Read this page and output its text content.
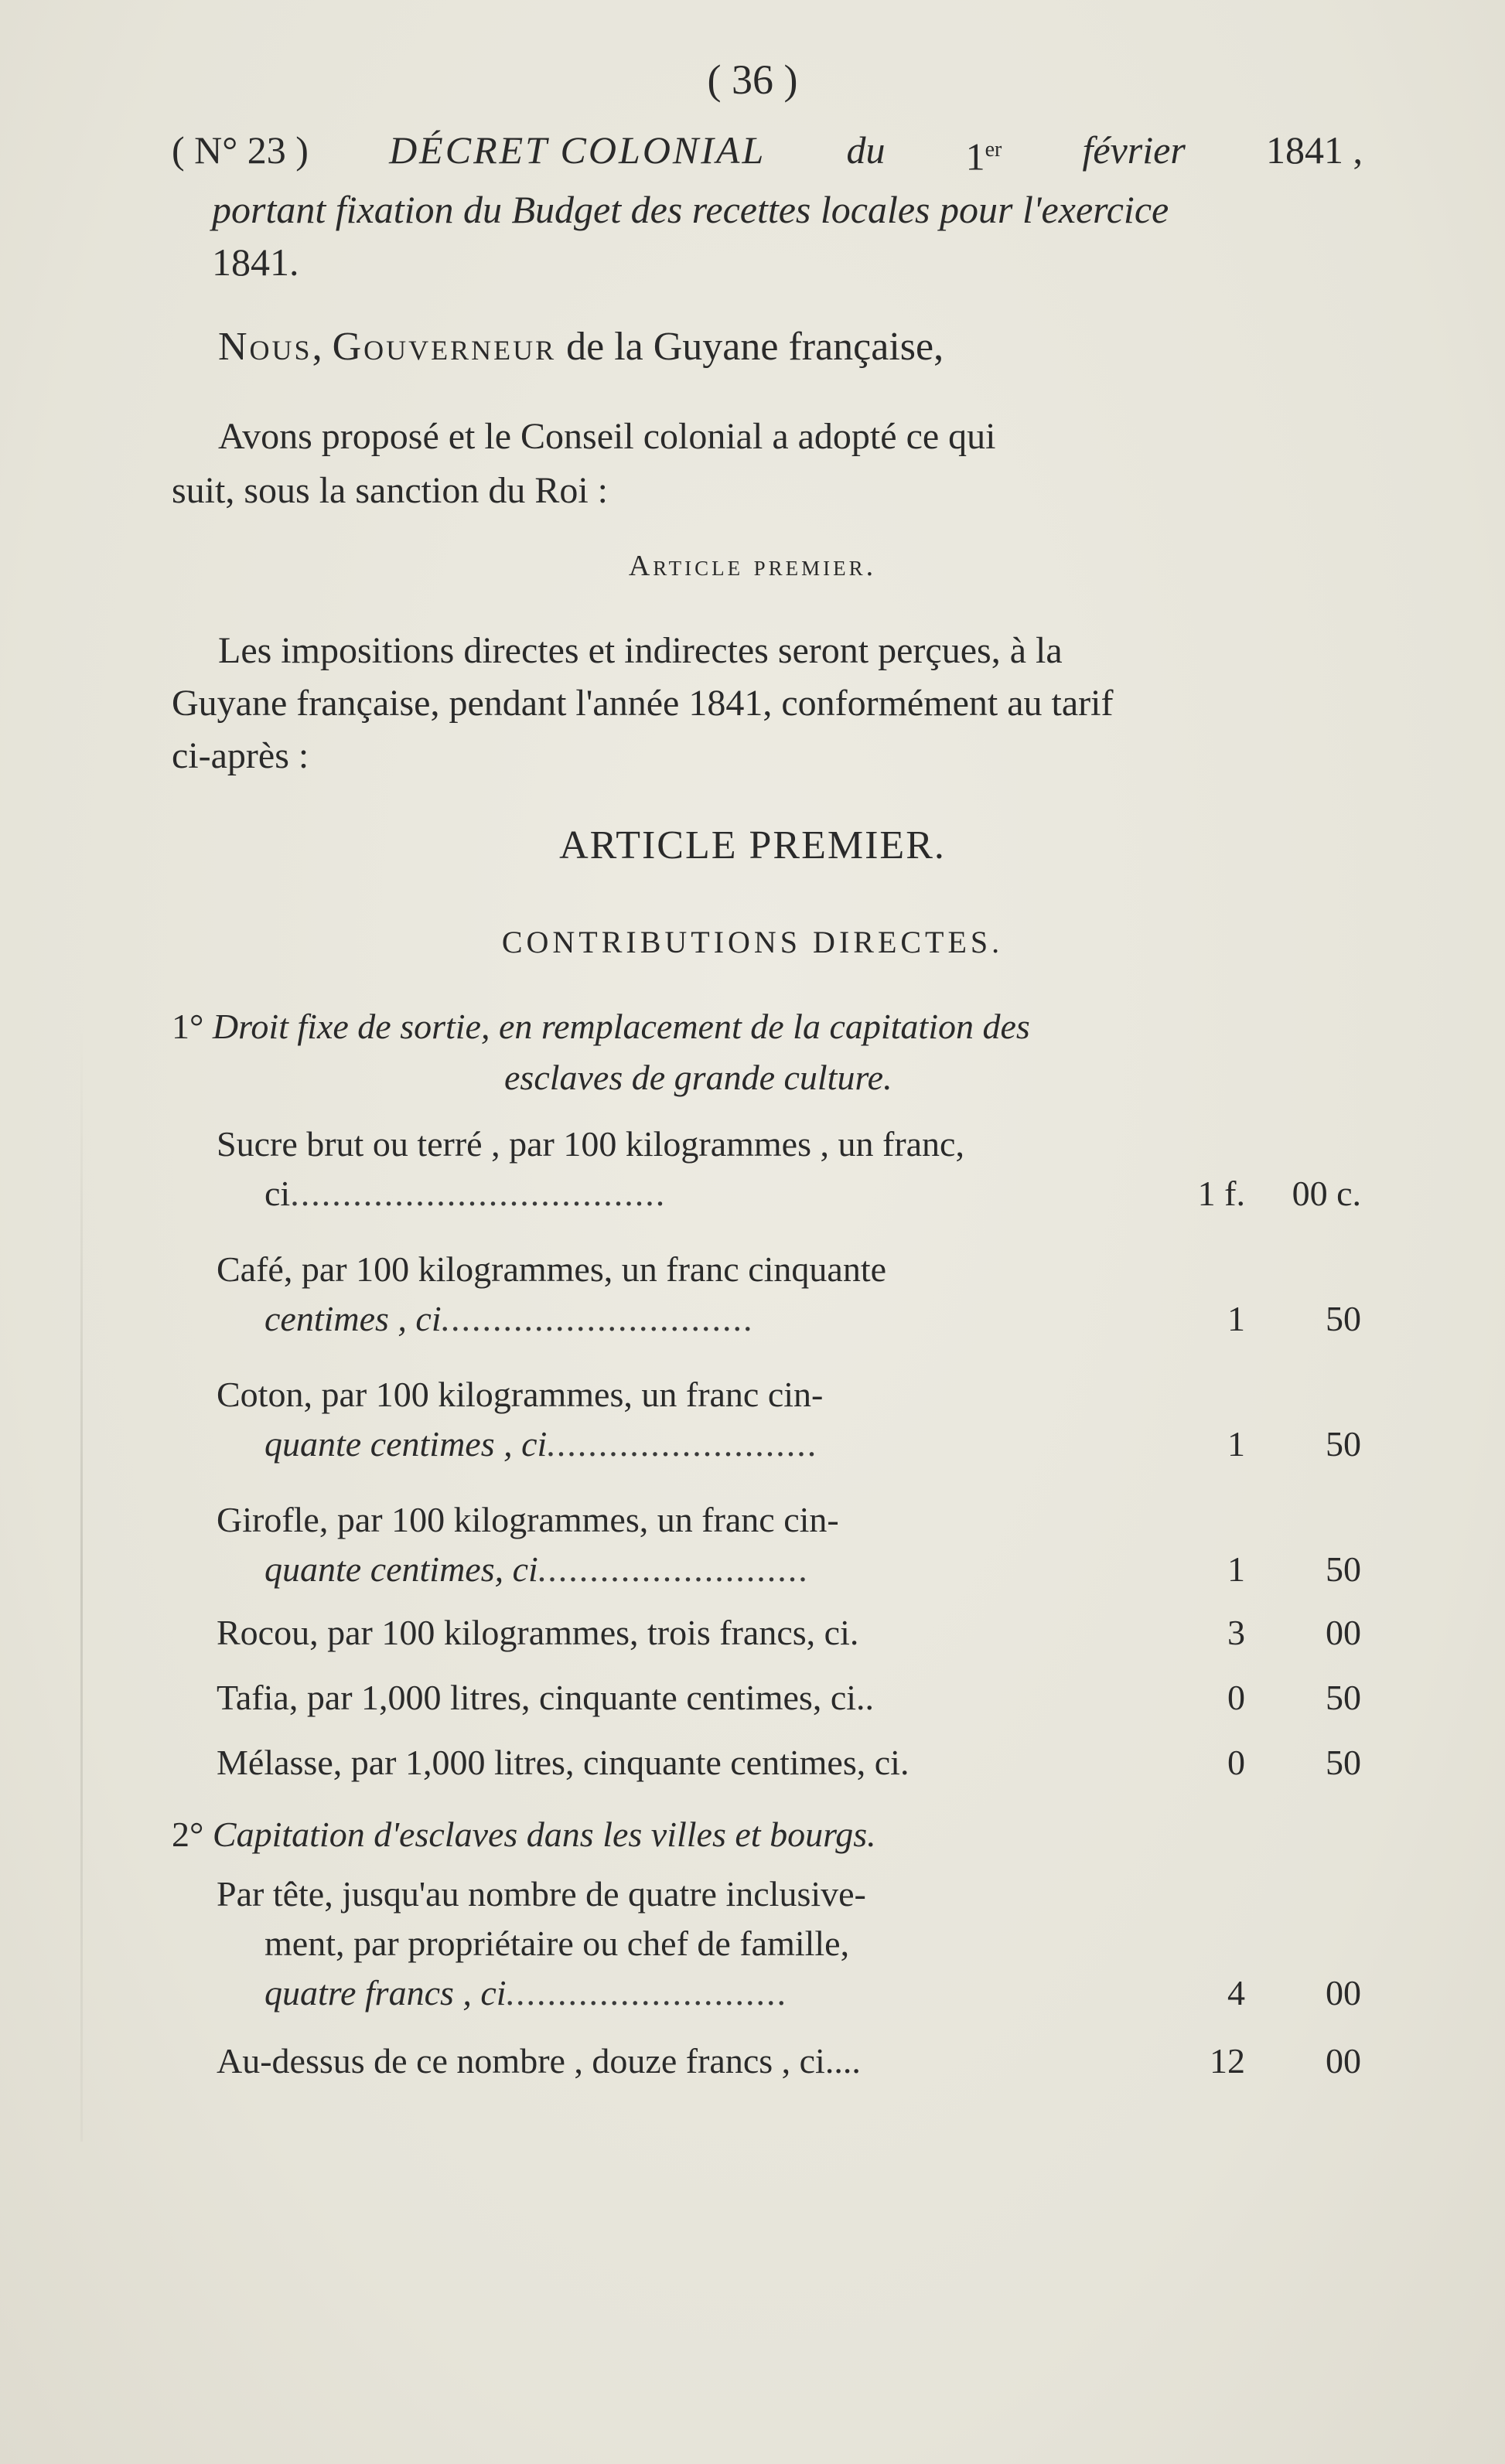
( 36 )
( N° 23 ) DÉCRET COLONIAL du 1er février 1841 ,
portant fixation du Budget des recettes locales pour l'exercice
1841.
Nous, Gouverneur de la Guyane française,
Avons proposé et le Conseil colonial a adopté ce qui
suit, sous la sanction du Roi :
Article premier.
Les impositions directes et indirectes seront perçues, à la
Guyane française, pendant l'année 1841, conformément au tarif
ci-après :
ARTICLE PREMIER.
CONTRIBUTIONS DIRECTES.
1° Droit fixe de sortie, en remplacement de la capitation des
esclaves de grande culture.
Sucre brut ou terré , par 100 kilogrammes , un franc,
ci....................................	1 f.	00 c.
Café, par 100 kilogrammes, un franc cinquante
centimes , ci..............................	1	50
Coton, par 100 kilogrammes, un franc cin-
quante centimes , ci..........................	1	50
Girofle, par 100 kilogrammes, un franc cin-
quante centimes, ci..........................	1	50
Rocou, par 100 kilogrammes, trois francs, ci.	3	00
Tafia, par 1,000 litres, cinquante centimes, ci..	0	50
Mélasse, par 1,000 litres, cinquante centimes, ci.	0	50
2° Capitation d'esclaves dans les villes et bourgs.
Par tête, jusqu'au nombre de quatre inclusive-
ment, par propriétaire ou chef de famille,
quatre francs , ci...........................	4	00
Au-dessus de ce nombre , douze francs , ci....	12	00
